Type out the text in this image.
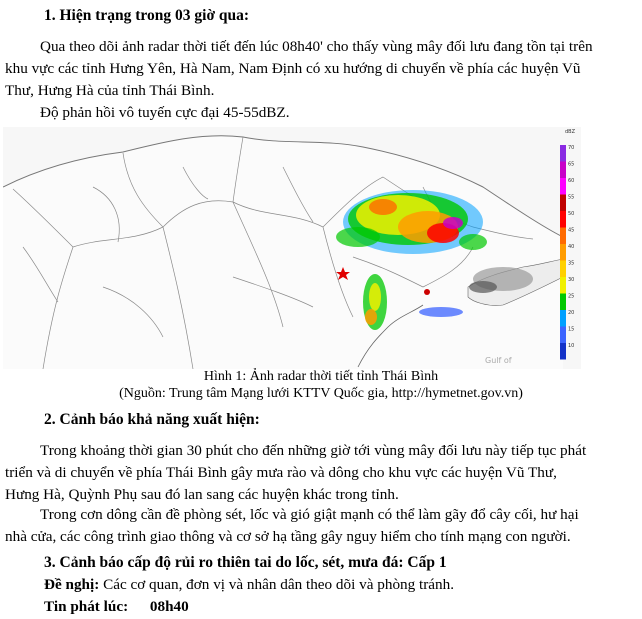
1. Hiện trạng trong 03 giờ qua:
Qua theo dõi ảnh radar thời tiết đến lúc 08h40' cho thấy vùng mây đối lưu đang tồn tại trên
khu vực các tỉnh Hưng Yên, Hà Nam, Nam Định có xu hướng di chuyển về phía các huyện Vũ
Thư, Hưng Hà của tỉnh Thái Bình.
Độ phản hồi vô tuyến cực đại 45-55dBZ.
Gulf of
dBZ
70
65
60
55
50
45
40
35
30
25
20
15
10
Hình 1: Ảnh radar thời tiết tỉnh Thái Bình
(Nguồn: Trung tâm Mạng lưới KTTV Quốc gia, http://hymetnet.gov.vn)
2. Cảnh báo khả năng xuất hiện:
Trong khoảng thời gian 30 phút cho đến những giờ tới vùng mây đối lưu này tiếp tục phát
triển và di chuyển về phía Thái Bình gây mưa rào và dông cho khu vực các huyện Vũ Thư,
Hưng Hà, Quỳnh Phụ sau đó lan sang các huyện khác trong tỉnh.
Trong cơn dông cần đề phòng sét, lốc và gió giật mạnh có thể làm gãy đổ cây cối, hư hại
nhà cửa, các công trình giao thông và cơ sở hạ tầng gây nguy hiểm cho tính mạng con người.
3. Cảnh báo cấp độ rủi ro thiên tai do lốc, sét, mưa đá: Cấp 1
Đề nghị: Các cơ quan, đơn vị và nhân dân theo dõi và phòng tránh.
Tin phát lúc: 08h40
